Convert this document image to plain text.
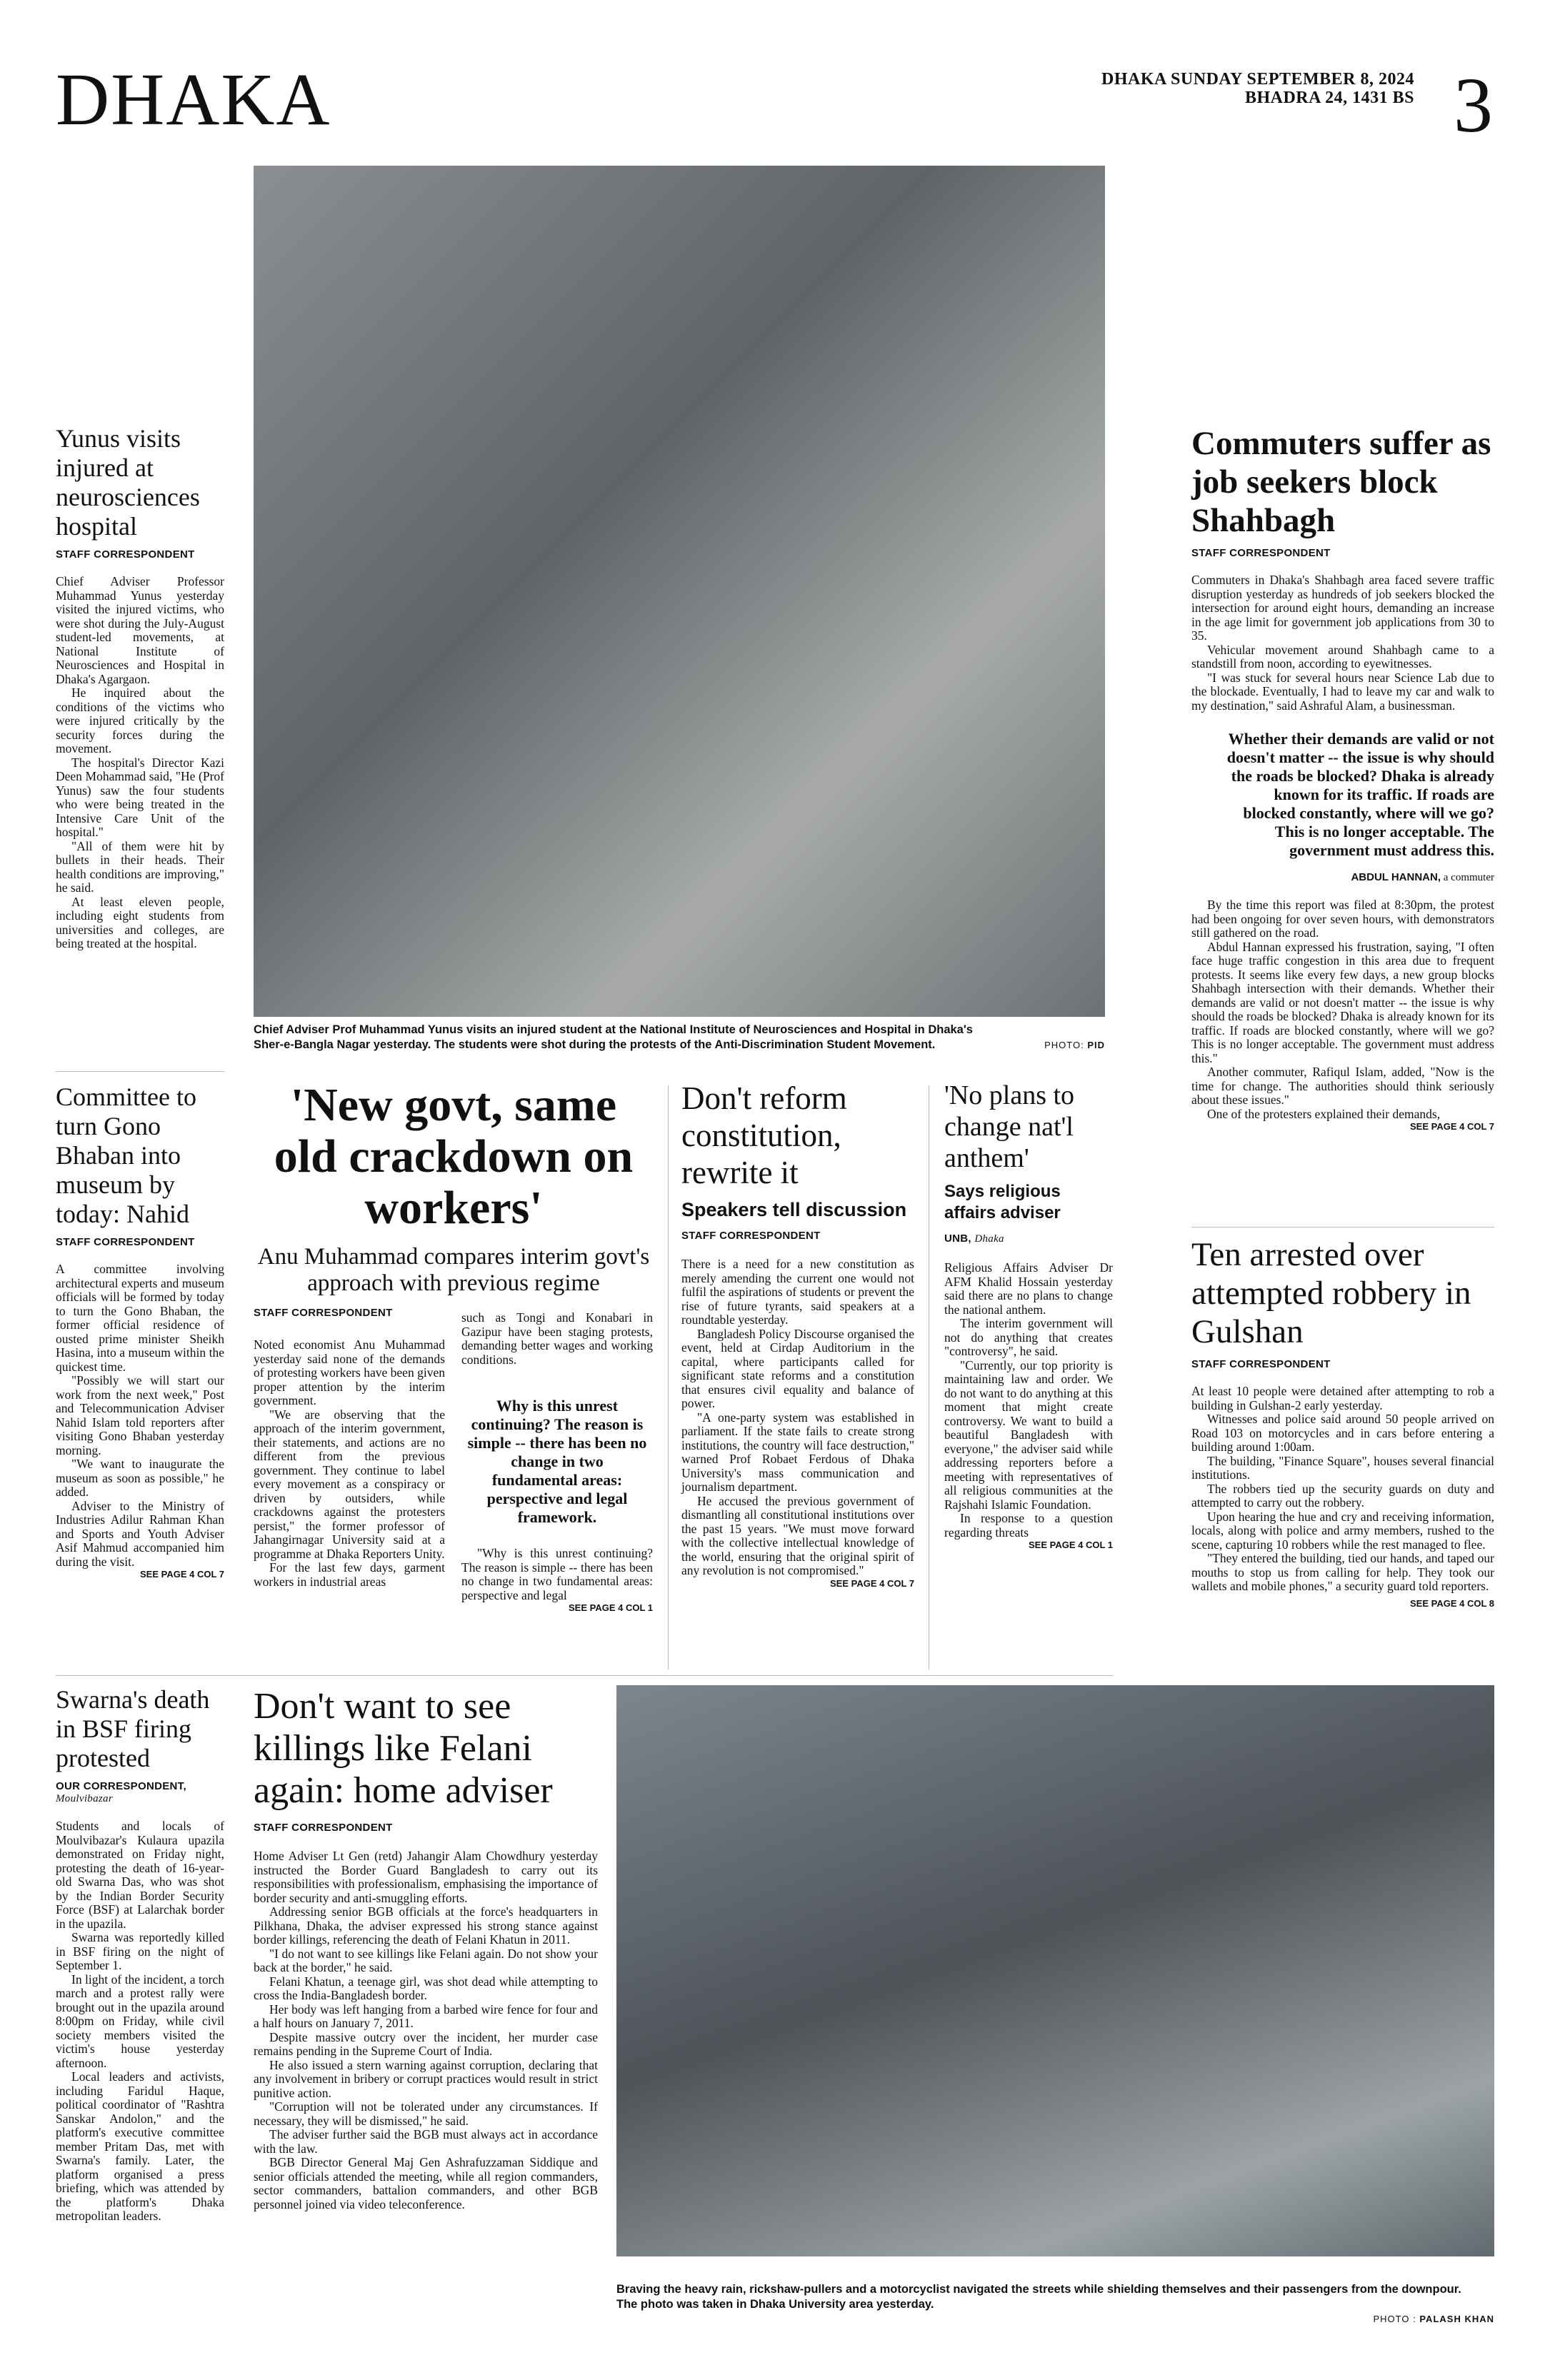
DHAKA	DHAKA SUNDAY SEPTEMBER 8, 2024
BHADRA 24, 1431 BS 3
Yunus visits injured at neurosciences hospital
STAFF CORRESPONDENT

Chief Adviser Professor Muhammad Yunus yesterday visited the injured victims, who were shot during the July-August student-led movements, at National Institute of Neurosciences and Hospital in Dhaka's Agargaon.

He inquired about the conditions of the victims who were injured critically by the security forces during the movement.

The hospital's Director Kazi Deen Mohammad said, "He (Prof Yunus) saw the four students who were being treated in the Intensive Care Unit of the hospital."

"All of them were hit by bullets in their heads. Their health conditions are improving," he said.

At least eleven people, including eight students from universities and colleges, are being treated at the hospital.

Chief Adviser Prof Muhammad Yunus visits an injured student at the National Institute of Neurosciences and Hospital in Dhaka's Sher-e-Bangla Nagar yesterday. The students were shot during the protests of the Anti-Discrimination Student Movement.	PHOTO: PID
Commuters suffer as job seekers block Shahbagh
STAFF CORRESPONDENT

Commuters in Dhaka's Shahbagh area faced severe traffic disruption yesterday as hundreds of job seekers blocked the intersection for around eight hours, demanding an increase in the age limit for government job applications from 30 to 35.

Vehicular movement around Shahbagh came to a standstill from noon, according to eyewitnesses.

"I was stuck for several hours near Science Lab due to the blockade. Eventually, I had to leave my car and walk to my destination," said Ashraful Alam, a businessman.

Whether their demands are valid or not doesn't matter -- the issue is why should the roads be blocked? Dhaka is already known for its traffic. If roads are blocked constantly, where will we go? This is no longer acceptable. The government must address this.
ABDUL HANNAN, a commuter

By the time this report was filed at 8:30pm, the protest had been ongoing for over seven hours, with demonstrators still gathered on the road.

Abdul Hannan expressed his frustration, saying, "I often face huge traffic congestion in this area due to frequent protests. It seems like every few days, a new group blocks Shahbagh intersection with their demands. Whether their demands are valid or not doesn't matter -- the issue is why should the roads be blocked? Dhaka is already known for its traffic. If roads are blocked constantly, where will we go? This is no longer acceptable. The government must address this."

Another commuter, Rafiqul Islam, added, "Now is the time for change. The authorities should think seriously about these issues."

One of the protesters explained their demands,

SEE PAGE 4 COL 7
Ten arrested over attempted robbery in Gulshan
STAFF CORRESPONDENT

At least 10 people were detained after attempting to rob a building in Gulshan-2 early yesterday.

Witnesses and police said around 50 people arrived on Road 103 on motorcycles and in cars before entering a building around 1:00am.

The building, "Finance Square", houses several financial institutions.

The robbers tied up the security guards on duty and attempted to carry out the robbery.

Upon hearing the hue and cry and receiving information, locals, along with police and army members, rushed to the scene, capturing 10 robbers while the rest managed to flee.

"They entered the building, tied our hands, and taped our mouths to stop us from calling for help. They took our wallets and mobile phones," a security guard told reporters.

SEE PAGE 4 COL 8
Committee to turn Gono Bhaban into museum by today: Nahid
STAFF CORRESPONDENT

A committee involving architectural experts and museum officials will be formed by today to turn the Gono Bhaban, the former official residence of ousted prime minister Sheikh Hasina, into a museum within the quickest time.

"Possibly we will start our work from the next week," Post and Telecommunication Adviser Nahid Islam told reporters after visiting Gono Bhaban yesterday morning.

"We want to inaugurate the museum as soon as possible," he added.

Adviser to the Ministry of Industries Adilur Rahman Khan and Sports and Youth Adviser Asif Mahmud accompanied him during the visit.

SEE PAGE 4 COL 7
'New govt, same old crackdown on workers'
Anu Muhammad compares interim govt's approach with previous regime
STAFF CORRESPONDENT

Noted economist Anu Muhammad yesterday said none of the demands of protesting workers have been given proper attention by the interim government.

"We are observing that the approach of the interim government, their statements, and actions are no different from the previous government. They continue to label every movement as a conspiracy or driven by outsiders, while crackdowns against the protesters persist," the former professor of Jahangirnagar University said at a programme at Dhaka Reporters Unity.

For the last few days, garment workers in industrial areas

such as Tongi and Konabari in Gazipur have been staging protests, demanding better wages and working conditions.

Why is this unrest continuing? The reason is simple -- there has been no change in two fundamental areas: perspective and legal framework.

"Why is this unrest continuing? The reason is simple -- there has been no change in two fundamental areas: perspective and legal

SEE PAGE 4 COL 1
Don't reform constitution, rewrite it
Speakers tell discussion
STAFF CORRESPONDENT

There is a need for a new constitution as merely amending the current one would not fulfil the aspirations of students or prevent the rise of future tyrants, said speakers at a roundtable yesterday.

Bangladesh Policy Discourse organised the event, held at Cirdap Auditorium in the capital, where participants called for significant state reforms and a constitution that ensures civil equality and balance of power.

"A one-party system was established in parliament. If the state fails to create strong institutions, the country will face destruction," warned Prof Robaet Ferdous of Dhaka University's mass communication and journalism department.

He accused the previous government of dismantling all constitutional institutions over the past 15 years. "We must move forward with the collective intellectual knowledge of the world, ensuring that the original spirit of any revolution is not compromised."

SEE PAGE 4 COL 7
'No plans to change nat'l anthem'
Says religious affairs adviser
UNB, Dhaka

Religious Affairs Adviser Dr AFM Khalid Hossain yesterday said there are no plans to change the national anthem.

The interim government will not do anything that creates "controversy", he said.

"Currently, our top priority is maintaining law and order. We do not want to do anything at this moment that might create controversy. We want to build a beautiful Bangladesh with everyone," the adviser said while addressing reporters before a meeting with representatives of all religious communities at the Rajshahi Islamic Foundation.

In response to a question regarding threats

SEE PAGE 4 COL 1
Swarna's death in BSF firing protested
OUR CORRESPONDENT,
Moulvibazar

Students and locals of Moulvibazar's Kulaura upazila demonstrated on Friday night, protesting the death of 16-year-old Swarna Das, who was shot by the Indian Border Security Force (BSF) at Lalarchak border in the upazila.

Swarna was reportedly killed in BSF firing on the night of September 1.

In light of the incident, a torch march and a protest rally were brought out in the upazila around 8:00pm on Friday, while civil society members visited the victim's house yesterday afternoon.

Local leaders and activists, including Faridul Haque, political coordinator of "Rashtra Sanskar Andolon," and the platform's executive committee member Pritam Das, met with Swarna's family. Later, the platform organised a press briefing, which was attended by the platform's Dhaka metropolitan leaders.

Don't want to see killings like Felani again: home adviser
STAFF CORRESPONDENT

Home Adviser Lt Gen (retd) Jahangir Alam Chowdhury yesterday instructed the Border Guard Bangladesh to carry out its responsibilities with professionalism, emphasising the importance of border security and anti-smuggling efforts.

Addressing senior BGB officials at the force's headquarters in Pilkhana, Dhaka, the adviser expressed his strong stance against border killings, referencing the death of Felani Khatun in 2011.

"I do not want to see killings like Felani again. Do not show your back at the border," he said.

Felani Khatun, a teenage girl, was shot dead while attempting to cross the India-Bangladesh border.

Her body was left hanging from a barbed wire fence for four and a half hours on January 7, 2011.

Despite massive outcry over the incident, her murder case remains pending in the Supreme Court of India.

He also issued a stern warning against corruption, declaring that any involvement in bribery or corrupt practices would result in strict punitive action.

"Corruption will not be tolerated under any circumstances. If necessary, they will be dismissed," he said.

The adviser further said the BGB must always act in accordance with the law.

BGB Director General Maj Gen Ashrafuzzaman Siddique and senior officials attended the meeting, while all region commanders, sector commanders, battalion commanders, and other BGB personnel joined via video teleconference.

Braving the heavy rain, rickshaw-pullers and a motorcyclist navigated the streets while shielding themselves and their passengers from the downpour. The photo was taken in Dhaka University area yesterday.
PHOTO : PALASH KHAN
